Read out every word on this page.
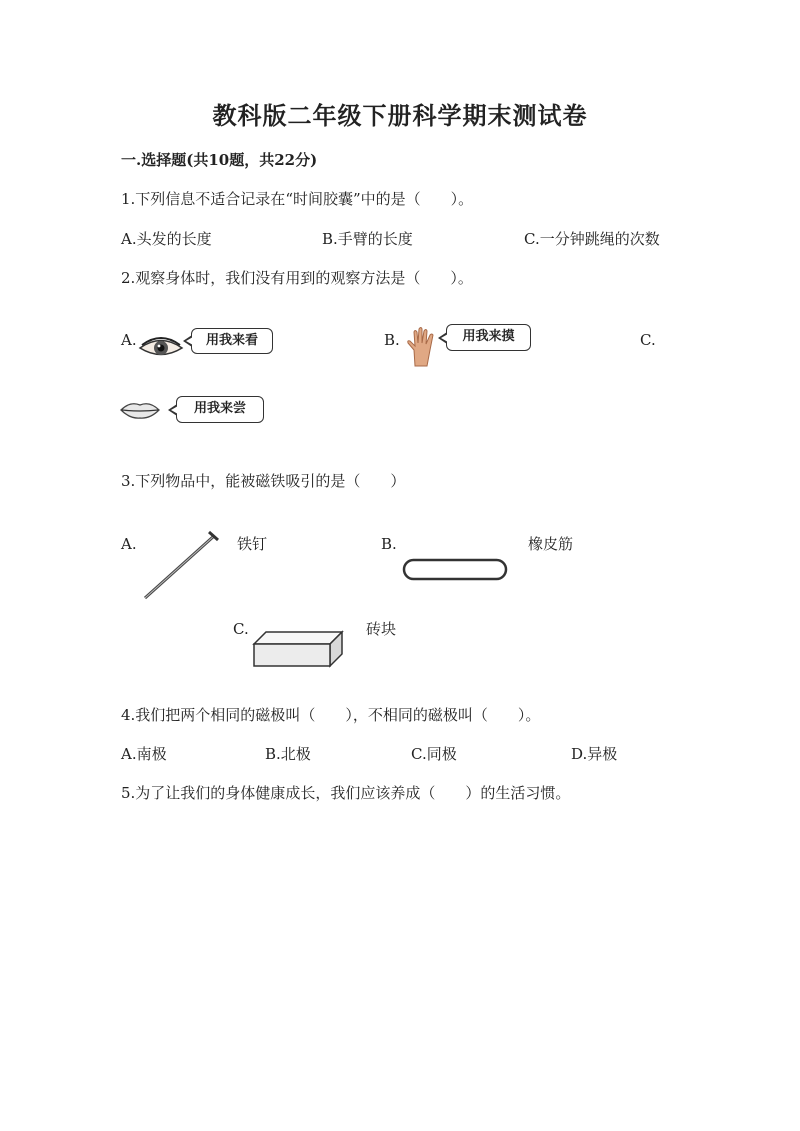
教科版二年级下册科学期末测试卷
一.选择题(共10题，共22分)
1.下列信息不适合记录在“时间胶囊”中的是（　　）。
A.头发的长度	B.手臂的长度	C.一分钟跳绳的次数
2.观察身体时，我们没有用到的观察方法是（　　）。
A.	用我来看	B.	用我来摸	C.
用我来尝
3.下列物品中，能被磁铁吸引的是（　　）
A.	铁钉	B.	橡皮筋
C.	砖块
4.我们把两个相同的磁极叫（　　），不相同的磁极叫（　　）。
A.南极	B.北极	C.同极	D.异极
5.为了让我们的身体健康成长，我们应该养成（　　）的生活习惯。
